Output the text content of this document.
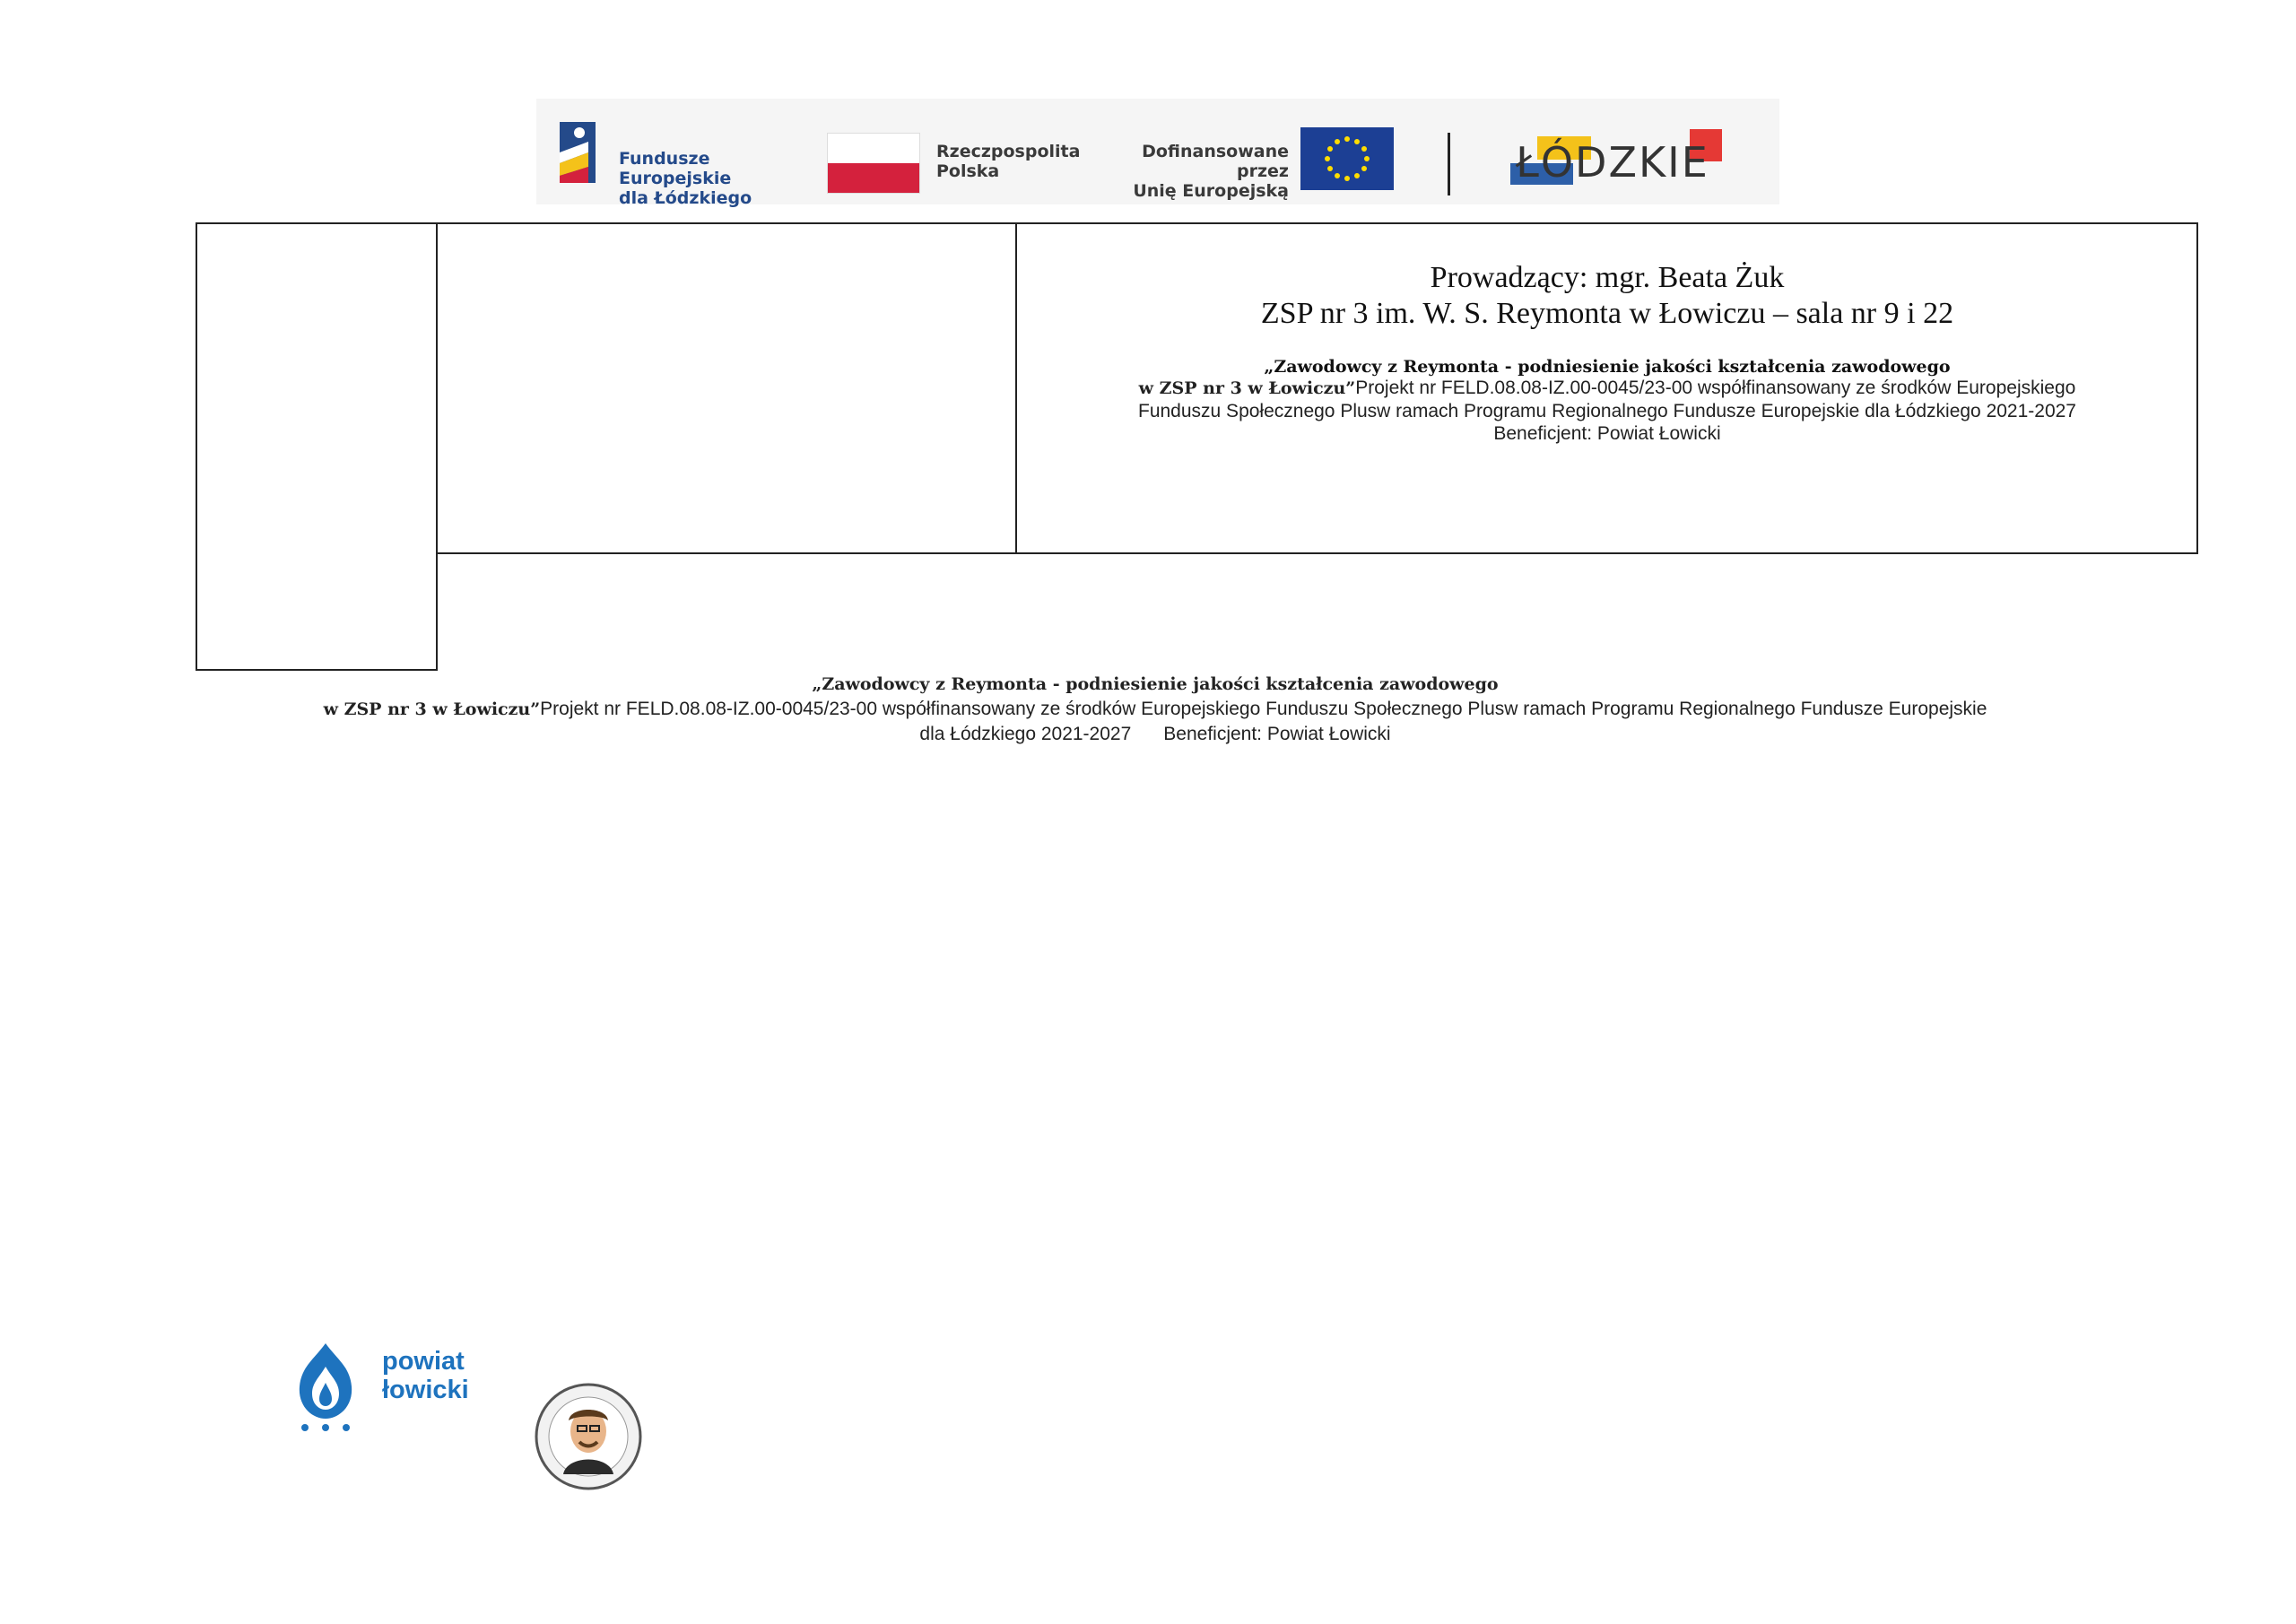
Fundusze Europejskie
dla Łódzkiego
Rzeczpospolita
Polska
Dofinansowane przez
Unię Europejską
ŁÓDZKIE
Prowadzący: mgr. Beata Żuk
ZSP nr 3 im. W. S. Reymonta w Łowiczu – sala nr 9 i 22
„Zawodowcy z Reymonta - podniesienie jakości kształcenia zawodowego
w ZSP nr 3 w Łowiczu”Projekt nr FELD.08.08-IZ.00-0045/23-00 współfinansowany ze środków Europejskiego
Funduszu Społecznego Plusw ramach Programu Regionalnego Fundusze Europejskie dla Łódzkiego 2021-2027
Beneficjent: Powiat Łowicki
„Zawodowcy z Reymonta - podniesienie jakości kształcenia zawodowego
w ZSP nr 3 w Łowiczu”Projekt nr FELD.08.08-IZ.00-0045/23-00 współfinansowany ze środków Europejskiego Funduszu Społecznego Plusw ramach Programu Regionalnego Fundusze Europejskie
dla Łódzkiego 2021-2027 Beneficjent: Powiat Łowicki
powiat
łowicki
